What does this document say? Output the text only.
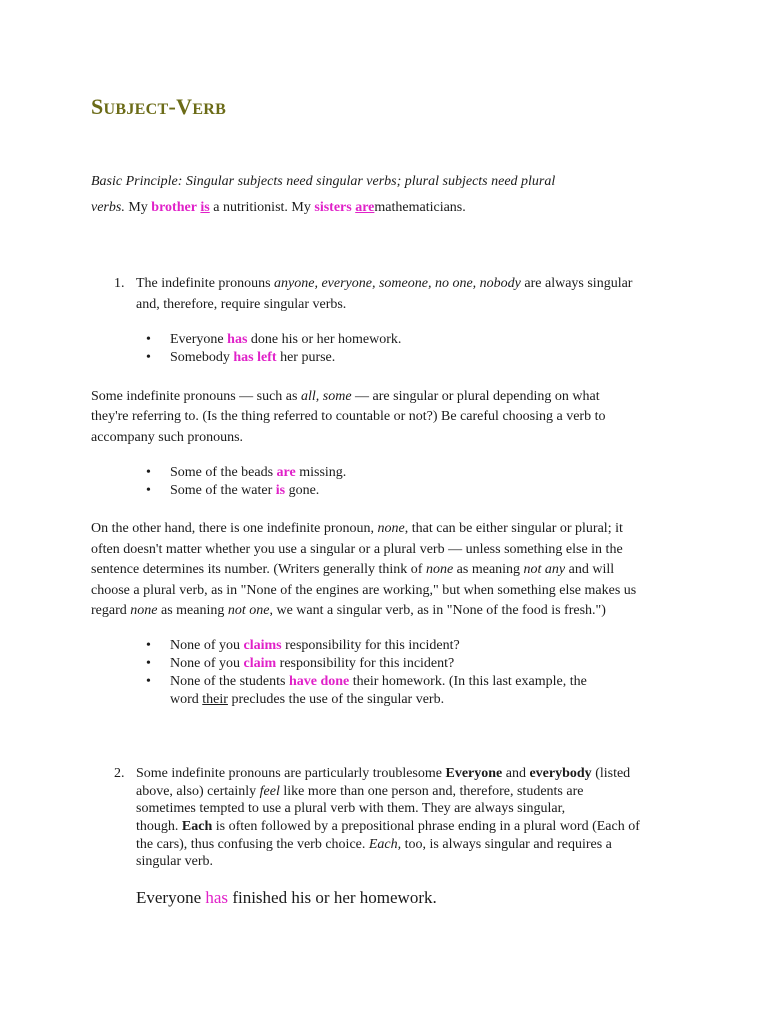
SUBJECT-VERB

Basic Principle: Singular subjects need singular verbs; plural subjects need plural

verbs. My brother is a nutritionist. My sisters aremathematicians.

1. The indefinite pronouns anyone, everyone, someone, no one, nobody are always singular

and, therefore, require singular verbs.

• Everyone has done his or her homework.
• Somebody has left her purse.

Some indefinite pronouns — such as all, some — are singular or plural depending on what

they're referring to. (Is the thing referred to countable or not?) Be careful choosing a verb to

accompany such pronouns.

• Some of the beads are missing.
• Some of the water is gone.

On the other hand, there is one indefinite pronoun, none, that can be either singular or plural; it

often doesn't matter whether you use a singular or a plural verb — unless something else in the

sentence determines its number. (Writers generally think of none as meaning not any and will

choose a plural verb, as in "None of the engines are working," but when something else makes us

regard none as meaning not one, we want a singular verb, as in "None of the food is fresh.")

• None of you claims responsibility for this incident?
• None of you claim responsibility for this incident?
• None of the students have done their homework. (In this last example, the

word their precludes the use of the singular verb.

2. Some indefinite pronouns are particularly troublesome Everyone and everybody (listed

above, also) certainly feel like more than one person and, therefore, students are

sometimes tempted to use a plural verb with them. They are always singular,

though. Each is often followed by a prepositional phrase ending in a plural word (Each of

the cars), thus confusing the verb choice. Each, too, is always singular and requires a

singular verb.

Everyone has finished his or her homework.
